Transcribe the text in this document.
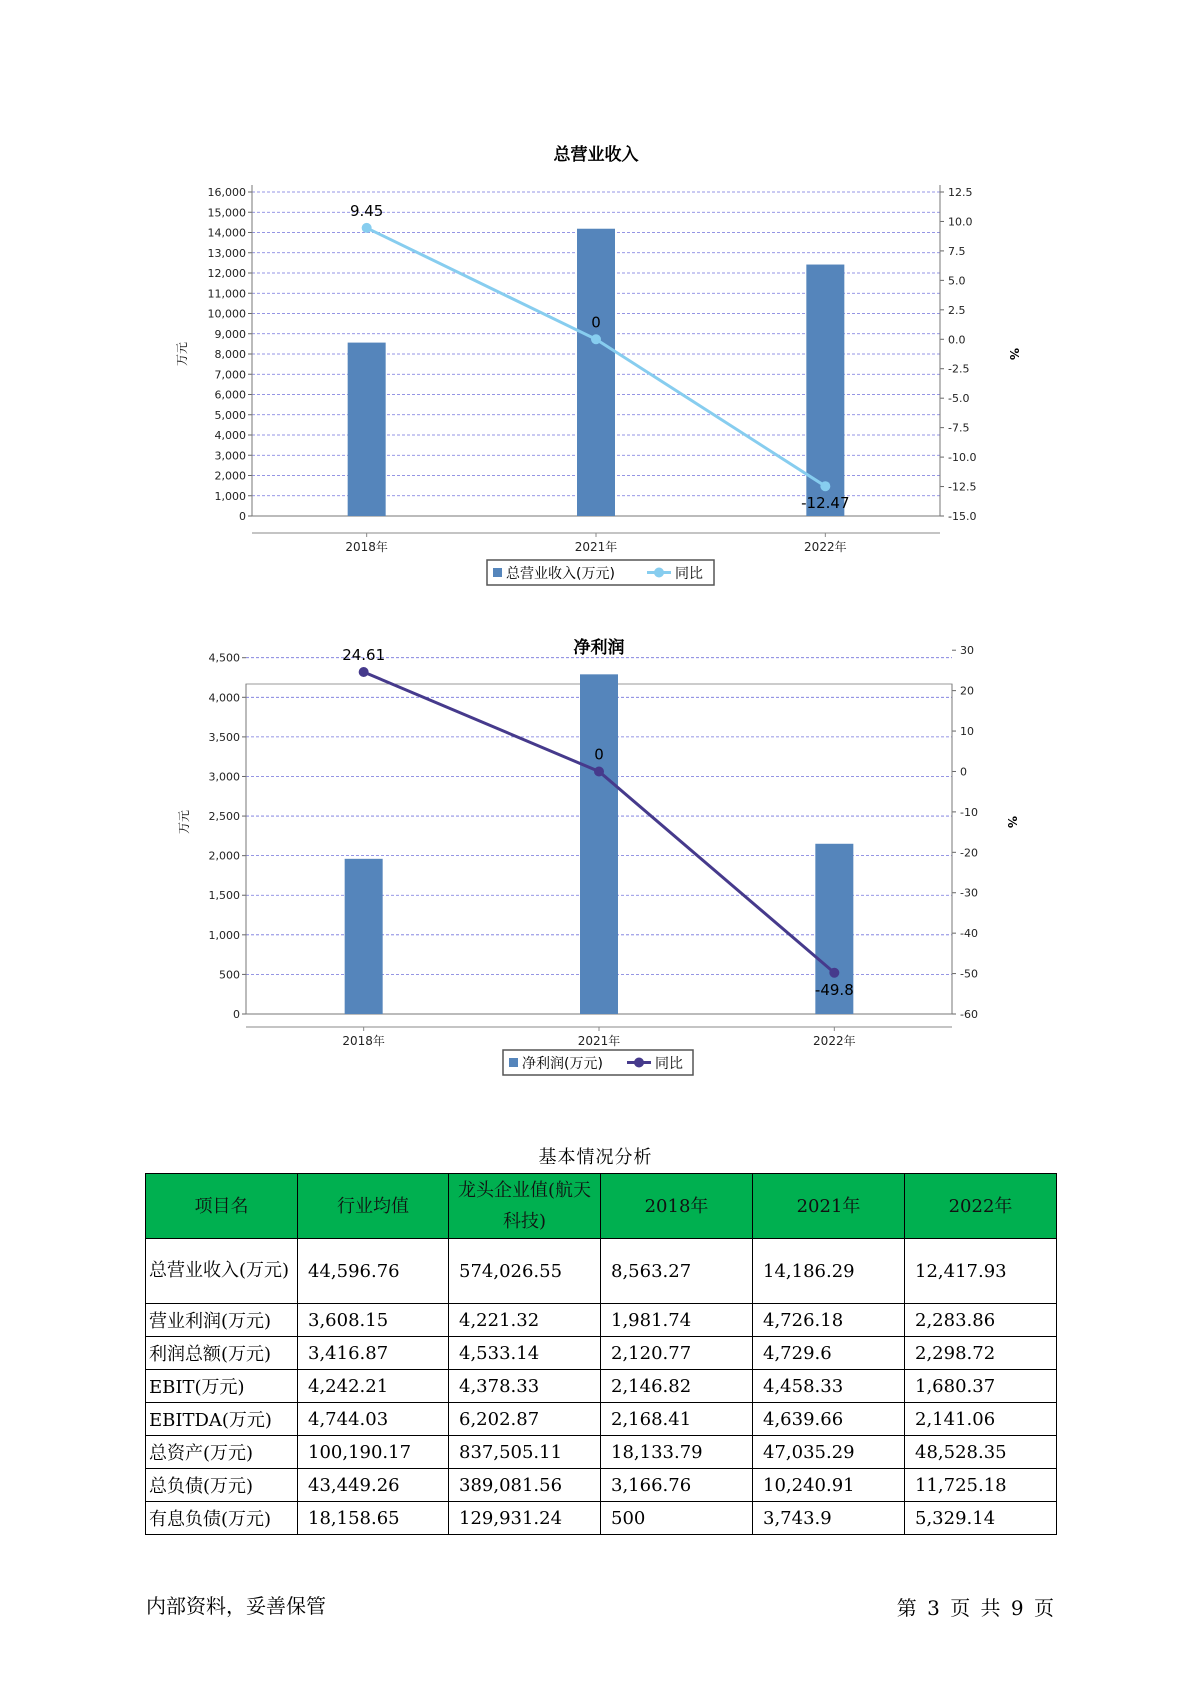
总营业收入
0
1,000
2,000
3,000
4,000
5,000
6,000
7,000
8,000
9,000
10,000
11,000
12,000
13,000
14,000
15,000
16,000
-15.0
-12.5
-10.0
-7.5
-5.0
-2.5
0.0
2.5
5.0
7.5
10.0
12.5
万元	%
2018年	2021年	2022年
9.45
0
-12.47
总营业收入(万元)	同比
净利润
0
500
1,000
1,500
2,000
2,500
3,000
3,500
4,000
4,500
-60
-50
-40
-30
-20
-10
0
10
20
30
万元	%
2018年	2021年	2022年
24.61
0
-49.8
净利润(万元)	同比
基本情况分析
项目名	行业均值	龙头企业值(航天科技)	2018年	2021年	2022年
总营业收入(万元)	44,596.76	574,026.55	8,563.27	14,186.29	12,417.93
营业利润(万元)	3,608.15	4,221.32	1,981.74	4,726.18	2,283.86
利润总额(万元)	3,416.87	4,533.14	2,120.77	4,729.6	2,298.72
EBIT(万元)	4,242.21	4,378.33	2,146.82	4,458.33	1,680.37
EBITDA(万元)	4,744.03	6,202.87	2,168.41	4,639.66	2,141.06
总资产(万元)	100,190.17	837,505.11	18,133.79	47,035.29	48,528.35
总负债(万元)	43,449.26	389,081.56	3,166.76	10,240.91	11,725.18
有息负债(万元)	18,158.65	129,931.24	500	3,743.9	5,329.14
内部资料，妥善保管	第 3 页 共 9 页
